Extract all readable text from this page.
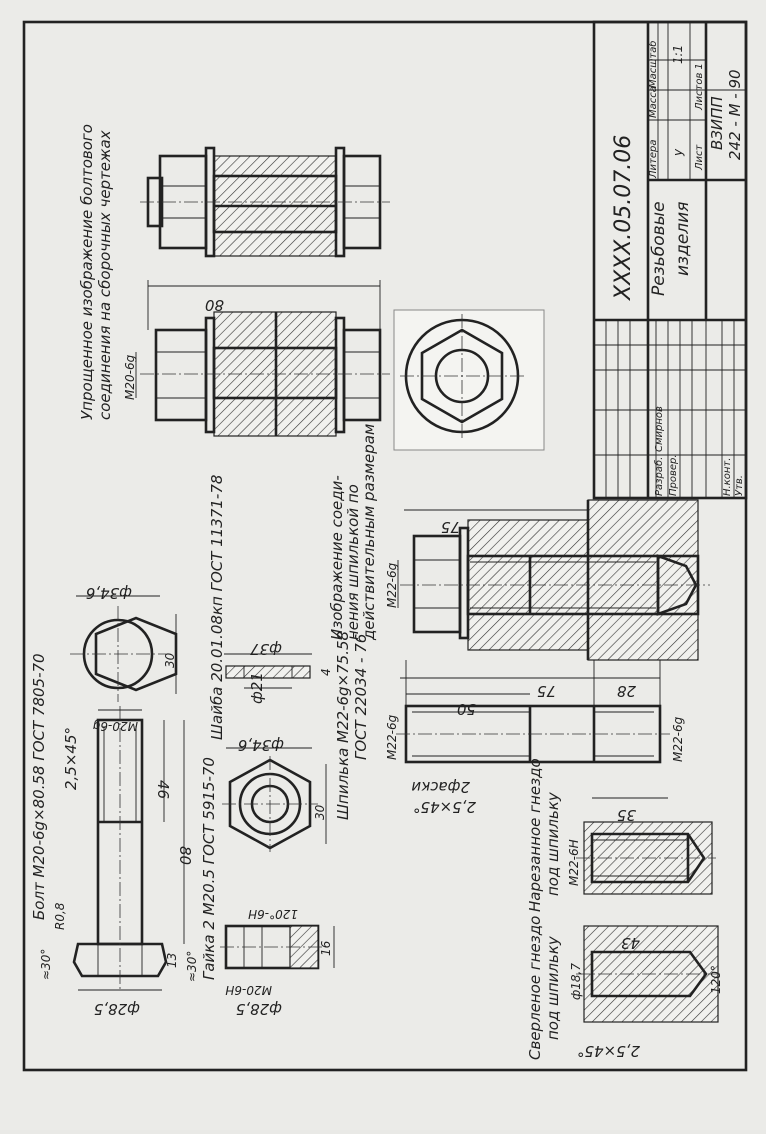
XXXX.05.07.06 Резьбовые изделия
Литера
Масса
Масштаб
у
1:1
Лист
Листов 1
ВЗИПП 242 - М - 90
Разраб.
Смирнов
Провер.	Н.конт. Утв.
80
М20-6g
Упрощенное изображение болтового соединения на сборочных чертежах
75
М22-6g
Изображение соеди-
нения шпилькой по
действительным размерам
50
75	28
М22-6g	М22-6g
2фаски
2,5×45°
Шпилька М22-6g×75.58 ГОСТ 22034 - 76
ф34,6
30 Шайба 20.01.08кп ГОСТ 11371-78 ф37
ф21	4
ф34,6
30
М20-6g
2,5×45°	46
80
ф28,5
≈30°
R0,8
13 ≈30°
Болт М20-6g×80.58 ГОСТ 7805-70	Гайка 2 М20.5 ГОСТ 5915-70
ф28,5
М20-6Н
120°-6Н
16
35
М22-6Н
Нарезанное гнездо под шпильку
43
ф18,7	120°
2,5×45°
Сверленое гнездо под шпильку
